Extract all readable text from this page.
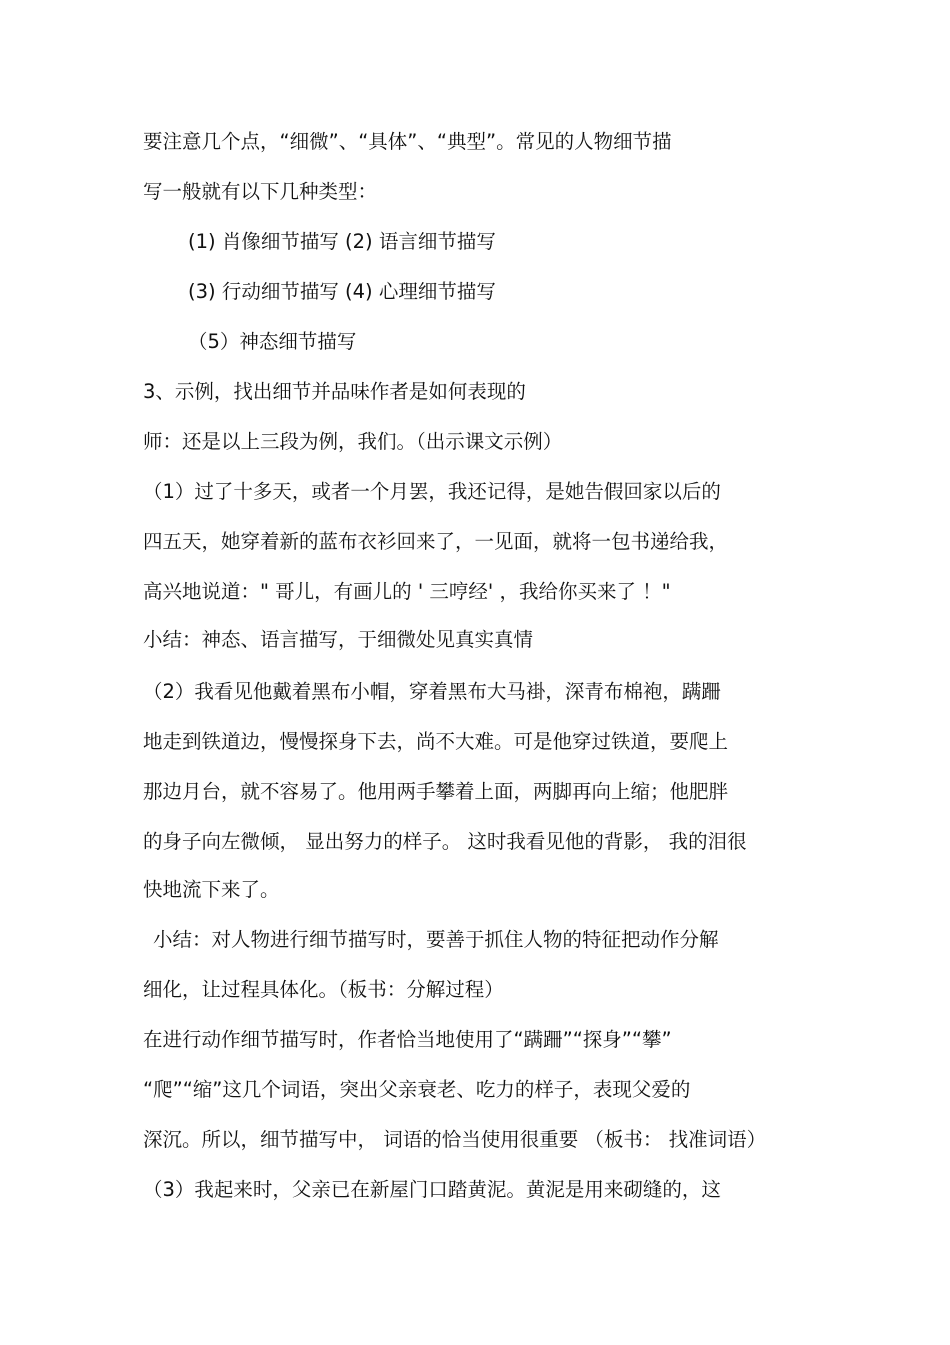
要注意几个点，“细微”、“具体”、“典型”。常见的人物细节描
写一般就有以下几种类型：
(1) 肖像细节描写 (2) 语言细节描写
(3) 行动细节描写 (4) 心理细节描写
（5）神态细节描写
3、示例，找出细节并品味作者是如何表现的
师：还是以上三段为例，我们。（出示课文示例）
（1）过了十多天，或者一个月罢，我还记得，是她告假回家以后的
四五天，她穿着新的蓝布衣衫回来了，一见面，就将一包书递给我，
高兴地说道：" 哥儿，有画儿的 ' 三哼经' ，我给你买来了 ！"
小结：神态、语言描写，于细微处见真实真情
（2）我看见他戴着黑布小帽，穿着黑布大马褂，深青布棉袍，蹒跚
地走到铁道边，慢慢探身下去，尚不大难。可是他穿过铁道，要爬上
那边月台，就不容易了。他用两手攀着上面，两脚再向上缩；他肥胖
的身子向左微倾， 显出努力的样子。 这时我看见他的背影， 我的泪很
快地流下来了。
小结：对人物进行细节描写时，要善于抓住人物的特征把动作分解
细化，让过程具体化。（板书：分解过程）
在进行动作细节描写时，作者恰当地使用了“蹒跚”“探身”“攀”
“爬”“缩”这几个词语，突出父亲衰老、吃力的样子，表现父爱的
深沉。所以，细节描写中， 词语的恰当使用很重要 （板书： 找准词语）
（3）我起来时，父亲已在新屋门口踏黄泥。黄泥是用来砌缝的，这
